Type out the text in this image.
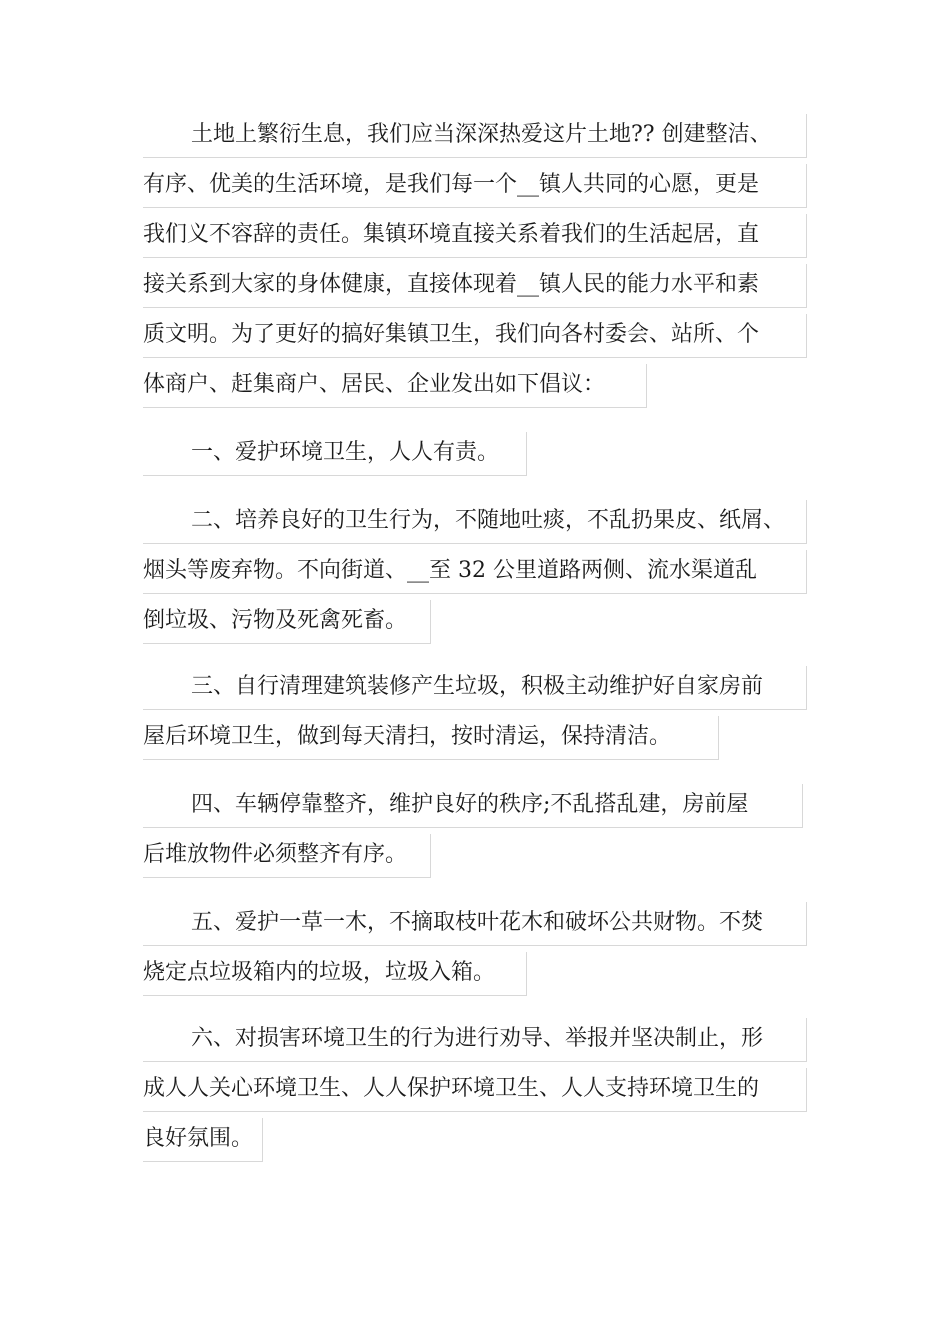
土地上繁衍生息，我们应当深深热爱这片土地?? 创建整洁、
有序、优美的生活环境，是我们每一个__镇人共同的心愿，更是
我们义不容辞的责任。集镇环境直接关系着我们的生活起居，直
接关系到大家的身体健康，直接体现着__镇人民的能力水平和素
质文明。为了更好的搞好集镇卫生，我们向各村委会、站所、个
体商户、赶集商户、居民、企业发出如下倡议：
一、爱护环境卫生，人人有责。
二、培养良好的卫生行为，不随地吐痰，不乱扔果皮、纸屑、
烟头等废弃物。不向街道、__至 32 公里道路两侧、流水渠道乱
倒垃圾、污物及死禽死畜。
三、自行清理建筑装修产生垃圾，积极主动维护好自家房前
屋后环境卫生，做到每天清扫，按时清运，保持清洁。
四、车辆停靠整齐，维护良好的秩序;不乱搭乱建，房前屋
后堆放物件必须整齐有序。
五、爱护一草一木，不摘取枝叶花木和破坏公共财物。不焚
烧定点垃圾箱内的垃圾，垃圾入箱。
六、对损害环境卫生的行为进行劝导、举报并坚决制止，形
成人人关心环境卫生、人人保护环境卫生、人人支持环境卫生的
良好氛围。
